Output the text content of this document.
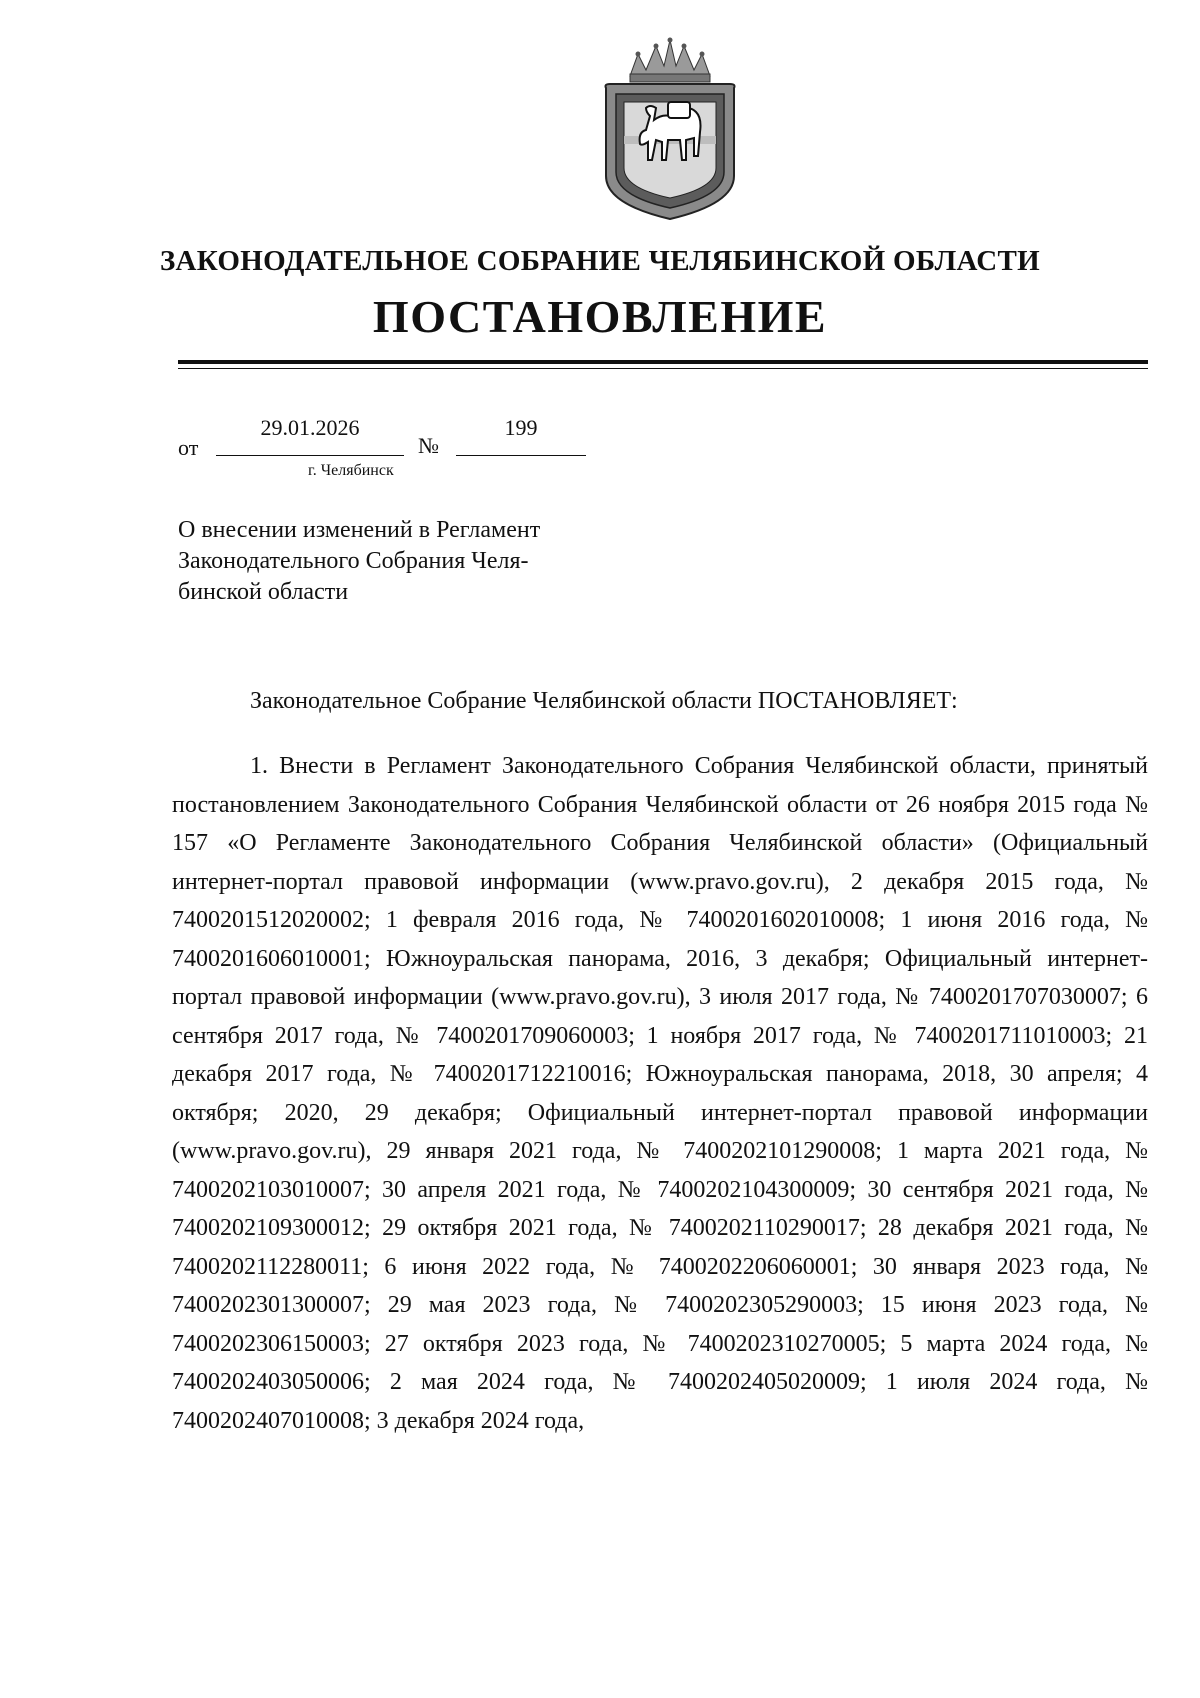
ЗАКОНОДАТЕЛЬНОЕ СОБРАНИЕ ЧЕЛЯБИНСКОЙ ОБЛАСТИ
ПОСТАНОВЛЕНИЕ
от
29.01.2026
№
199
г. Челябинск

О внесении изменений в Регламент Законодательного Собрания Челябинской области

Законодательное Собрание Челябинской области ПОСТАНОВЛЯЕТ:

1. Внести в Регламент Законодательного Собрания Челябинской области, принятый постановлением Законодательного Собрания Челябинской области от 26 ноября 2015 года № 157 «О Регламенте Законодательного Собрания Челябинской области» (Официальный интернет-портал правовой информации (www.pravo.gov.ru), 2 декабря 2015 года, № 7400201512020002; 1 февраля 2016 года, № 7400201602010008; 1 июня 2016 года, № 7400201606010001; Южноуральская панорама, 2016, 3 декабря; Официальный интернет-портал правовой информации (www.pravo.gov.ru), 3 июля 2017 года, № 7400201707030007; 6 сентября 2017 года, № 7400201709060003; 1 ноября 2017 года, № 7400201711010003; 21 декабря 2017 года, № 7400201712210016; Южноуральская панорама, 2018, 30 апреля; 4 октября; 2020, 29 декабря; Официальный интернет-портал правовой информации (www.pravo.gov.ru), 29 января 2021 года, № 7400202101290008; 1 марта 2021 года, № 7400202103010007; 30 апреля 2021 года, № 7400202104300009; 30 сентября 2021 года, № 7400202109300012; 29 октября 2021 года, № 7400202110290017; 28 декабря 2021 года, № 7400202112280011; 6 июня 2022 года, № 7400202206060001; 30 января 2023 года, № 7400202301300007; 29 мая 2023 года, № 7400202305290003; 15 июня 2023 года, № 7400202306150003; 27 октября 2023 года, № 7400202310270005; 5 марта 2024 года, № 7400202403050006; 2 мая 2024 года, № 7400202405020009; 1 июля 2024 года, № 7400202407010008; 3 декабря 2024 года,
